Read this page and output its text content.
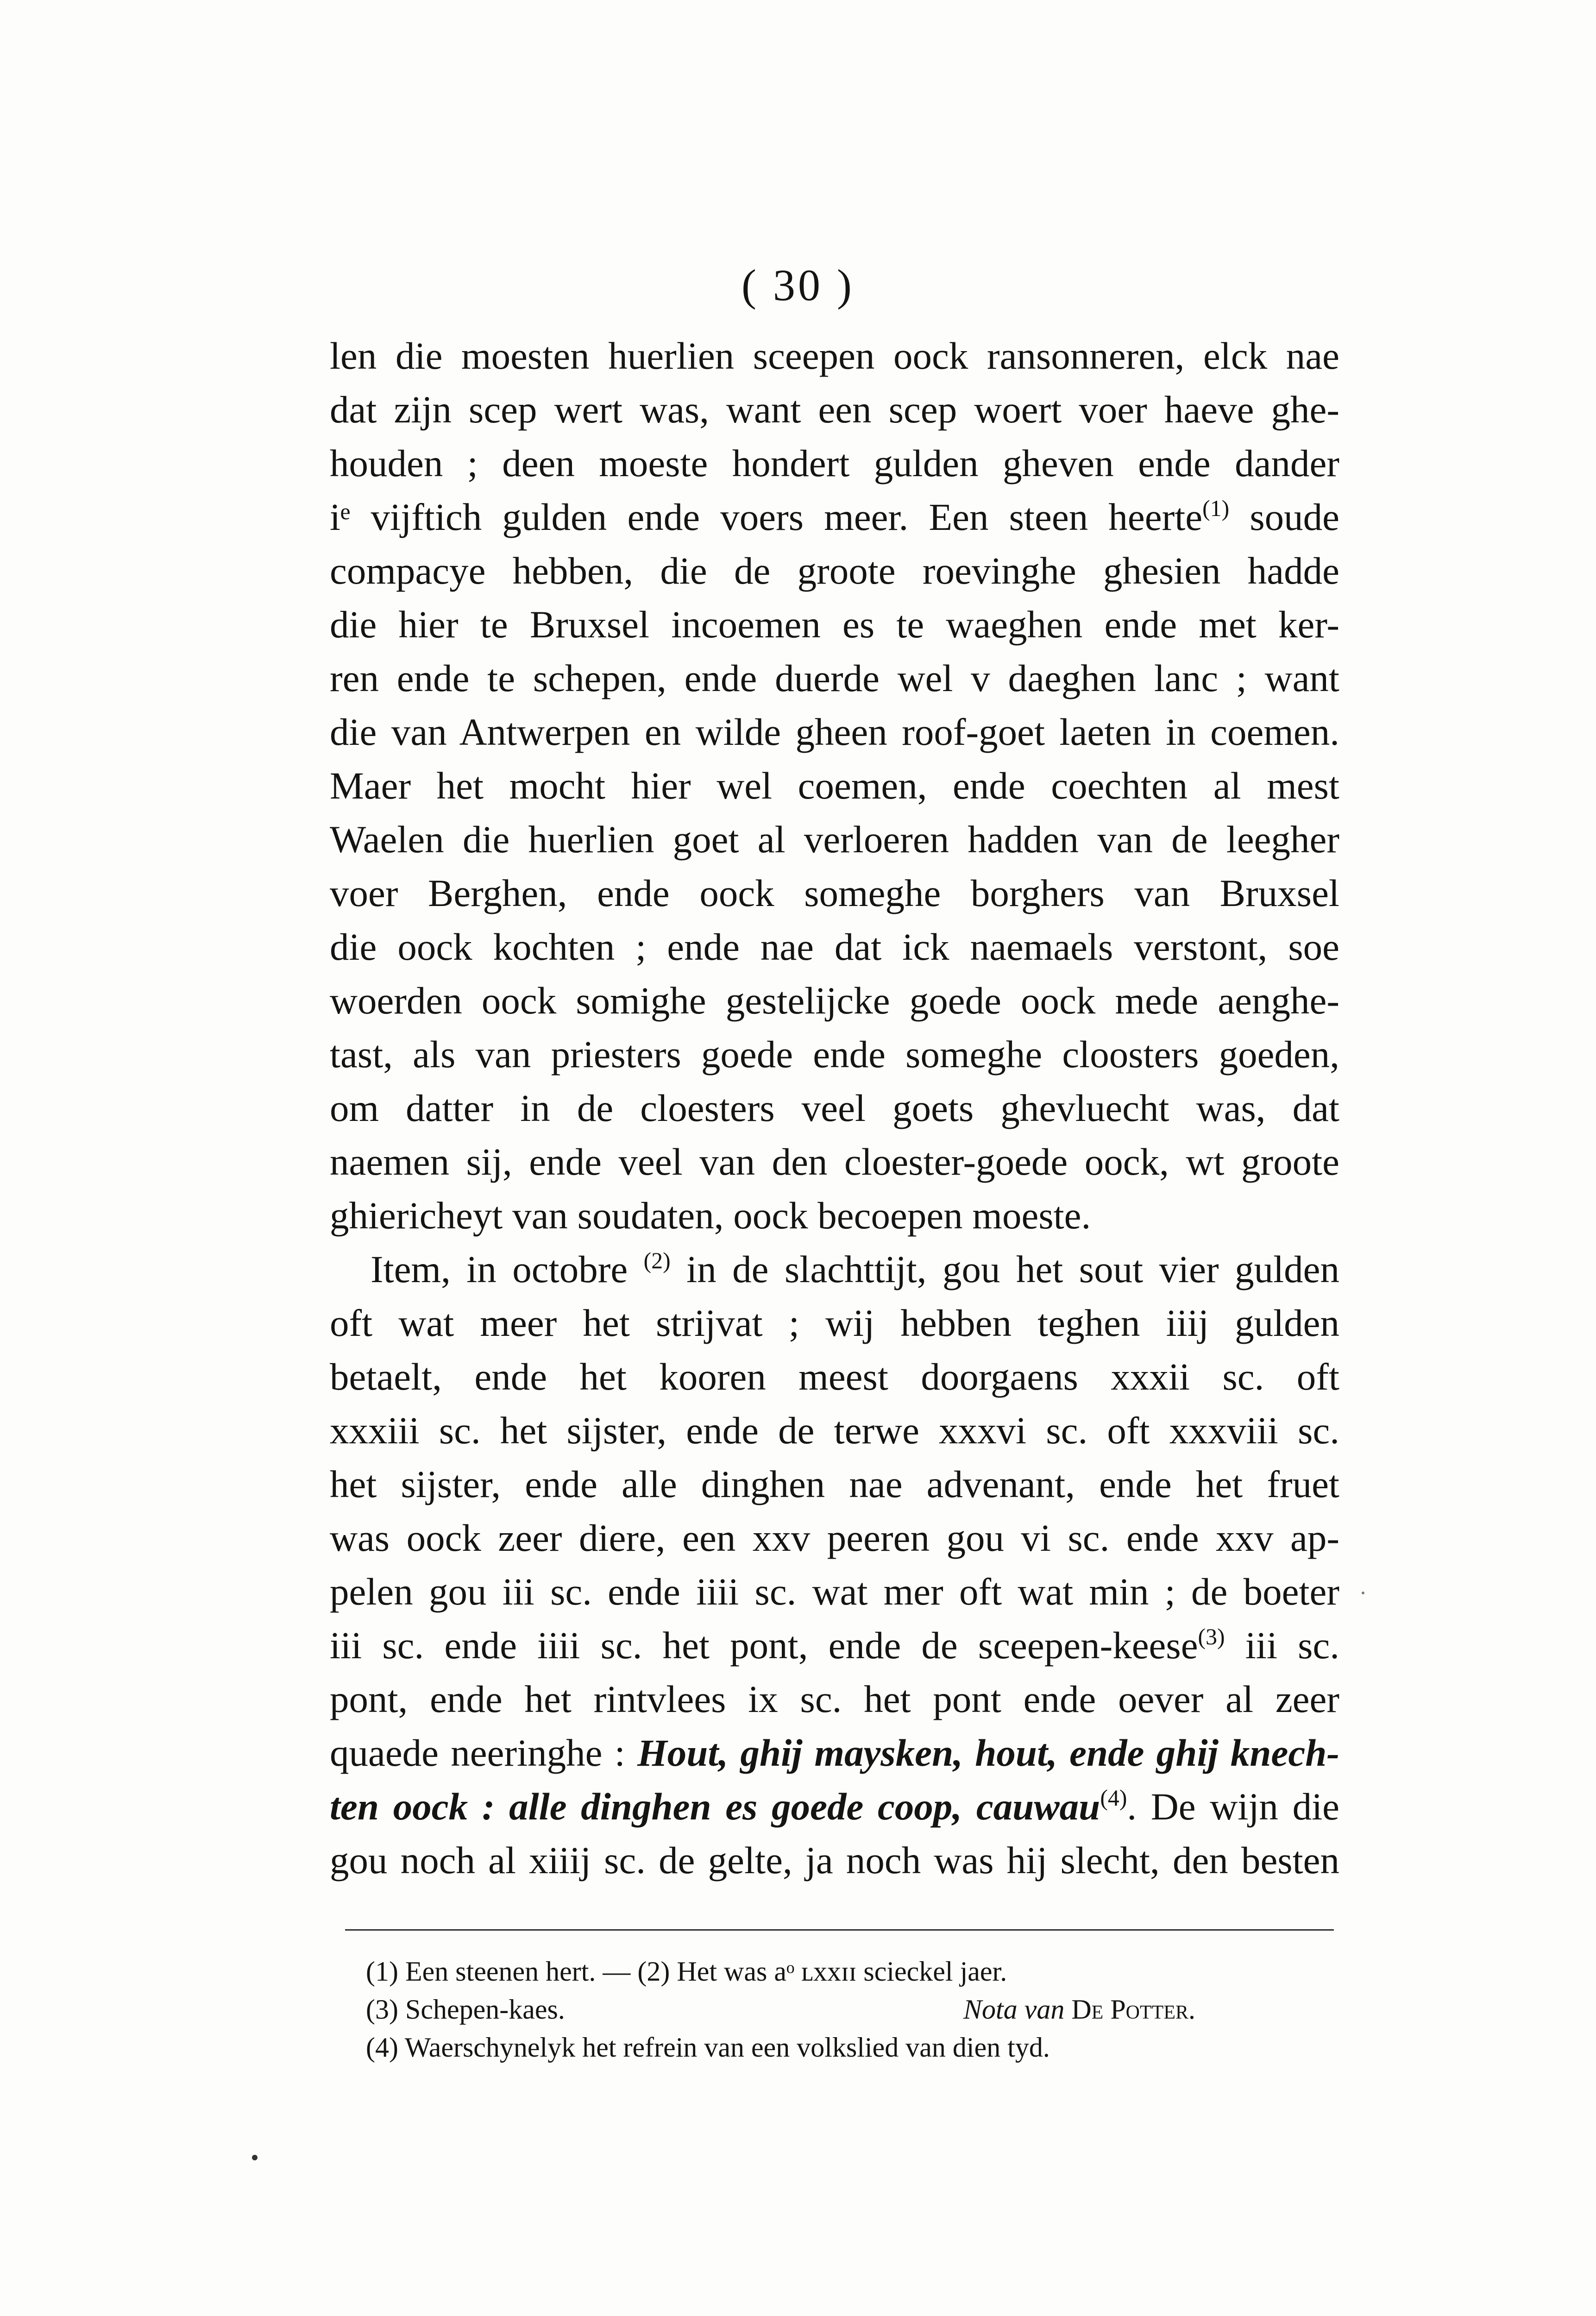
( 30 )
len die moesten huerlien sceepen oock ransonneren, elck nae
dat zijn scep wert was, want een scep woert voer haeve ghe-
houden ; deen moeste hondert gulden gheven ende dander
iᵉ vijftich gulden ende voers meer. Een steen heerte$^{(1)}$ soude
compacye hebben, die de groote roevinghe ghesien hadde
die hier te Bruxsel incoemen es te waeghen ende met ker-
ren ende te schepen, ende duerde wel v daeghen lanc ; want
die van Antwerpen en wilde gheen roof-goet laeten in coemen.
Maer het mocht hier wel coemen, ende coechten al mest
Waelen die huerlien goet al verloeren hadden van de leegher
voer Berghen, ende oock someghe borghers van Bruxsel
die oock kochten ; ende nae dat ick naemaels verstont, soe
woerden oock somighe gestelijcke goede oock mede aenghe-
tast, als van priesters goede ende someghe cloosters goeden,
om datter in de cloesters veel goets ghevluecht was, dat
naemen sij, ende veel van den cloester-goede oock, wt groote
ghiericheyt van soudaten, oock becoepen moeste.
Item, in octobre $^{(2)}$ in de slachttijt, gou het sout vier gulden
oft wat meer het strijvat ; wij hebben teghen iiij gulden
betaelt, ende het kooren meest doorgaens xxxii sc. oft
xxxiii sc. het sijster, ende de terwe xxxvi sc. oft xxxviii sc.
het sijster, ende alle dinghen nae advenant, ende het fruet
was oock zeer diere, een xxv peeren gou vi sc. ende xxv ap-
pelen gou iii sc. ende iiii sc. wat mer oft wat min ; de boeter
iii sc. ende iiii sc. het pont, ende de sceepen-keese$^{(3)}$ iii sc.
pont, ende het rintvlees ix sc. het pont ende oever al zeer
quaede neeringhe : Hout, ghij maysken, hout, ende ghij knech-
ten oock : alle dinghen es goede coop, cauwau$^{(4)}$. De wijn die
gou noch al xiiij sc. de gelte, ja noch was hij slecht, den besten
(1) Een steenen hert. — (2) Het was aᵒ ʟxxɪɪ scieckel jaer.
(3) Schepen-kaes.	Nota van De Potter.
(4) Waerschynelyk het refrein van een volkslied van dien tyd.
